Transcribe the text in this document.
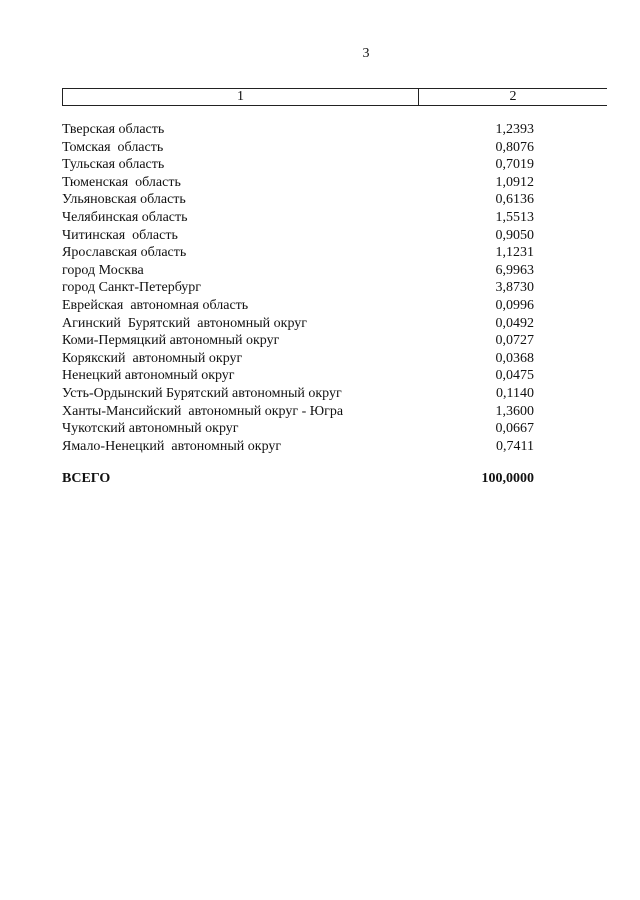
3
1	2
Тверская область	1,2393
Томская  область	0,8076
Тульская область	0,7019
Тюменская  область	1,0912
Ульяновская область	0,6136
Челябинская область	1,5513
Читинская  область	0,9050
Ярославская область	1,1231
город Москва	6,9963
город Санкт-Петербург	3,8730
Еврейская  автономная область	0,0996
Агинский  Бурятский  автономный округ	0,0492
Коми-Пермяцкий автономный округ	0,0727
Корякский  автономный округ	0,0368
Ненецкий автономный округ	0,0475
Усть-Ордынский Бурятский автономный округ	0,1140
Ханты-Мансийский  автономный округ - Югра	1,3600
Чукотский автономный округ	0,0667
Ямало-Ненецкий  автономный округ	0,7411
ВСЕГО	100,0000
